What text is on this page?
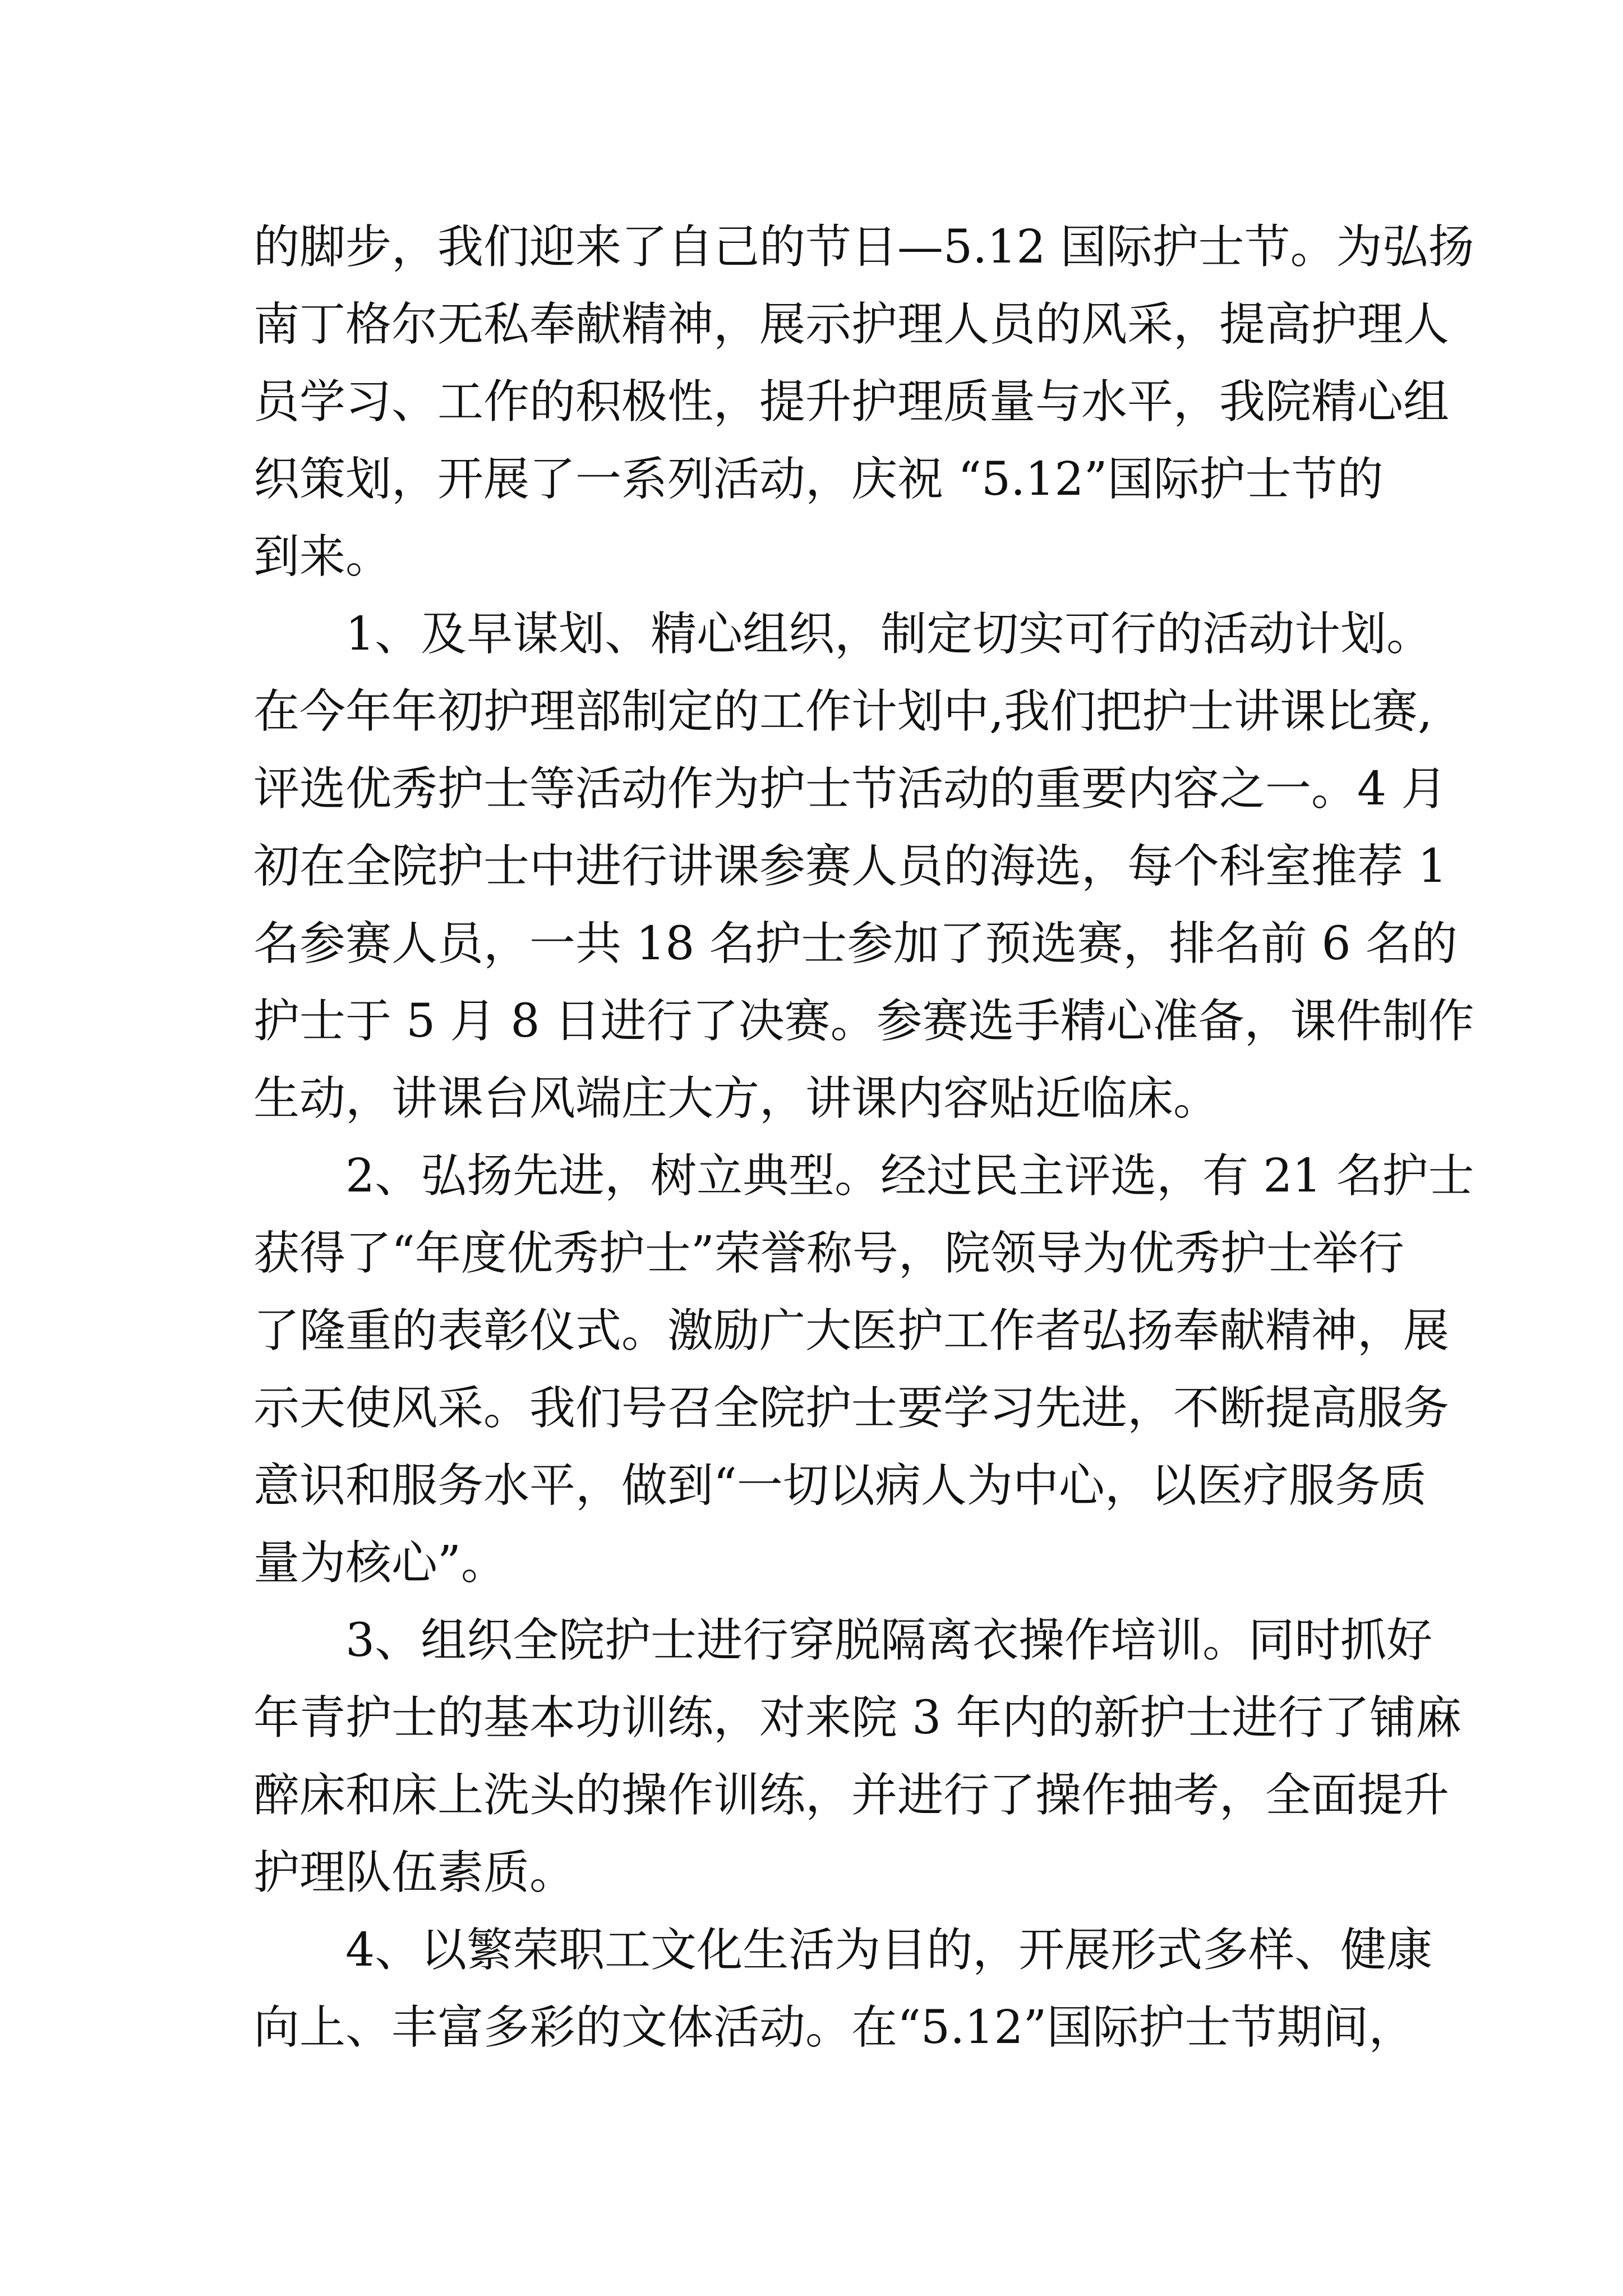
的脚步，我们迎来了自己的节日—5.12 国际护士节。为弘扬
南丁格尔无私奉献精神，展示护理人员的风采，提高护理人
员学习、工作的积极性，提升护理质量与水平，我院精心组
织策划，开展了一系列活动，庆祝 “5.12”国际护士节的
到来。
1、及早谋划、精心组织，制定切实可行的活动计划。
在今年年初护理部制定的工作计划中,我们把护士讲课比赛,
评选优秀护士等活动作为护士节活动的重要内容之一。4 月
初在全院护士中进行讲课参赛人员的海选，每个科室推荐 1
名参赛人员，一共 18 名护士参加了预选赛，排名前 6 名的
护士于 5 月 8 日进行了决赛。参赛选手精心准备，课件制作
生动，讲课台风端庄大方，讲课内容贴近临床。
2、弘扬先进，树立典型。经过民主评选，有 21 名护士
获得了“年度优秀护士”荣誉称号，院领导为优秀护士举行
了隆重的表彰仪式。激励广大医护工作者弘扬奉献精神，展
示天使风采。我们号召全院护士要学习先进，不断提高服务
意识和服务水平，做到“一切以病人为中心，以医疗服务质
量为核心”。
3、组织全院护士进行穿脱隔离衣操作培训。同时抓好
年青护士的基本功训练，对来院 3 年内的新护士进行了铺麻
醉床和床上洗头的操作训练，并进行了操作抽考，全面提升
护理队伍素质。
4、以繁荣职工文化生活为目的，开展形式多样、健康
向上、丰富多彩的文体活动。在“5.12”国际护士节期间，
